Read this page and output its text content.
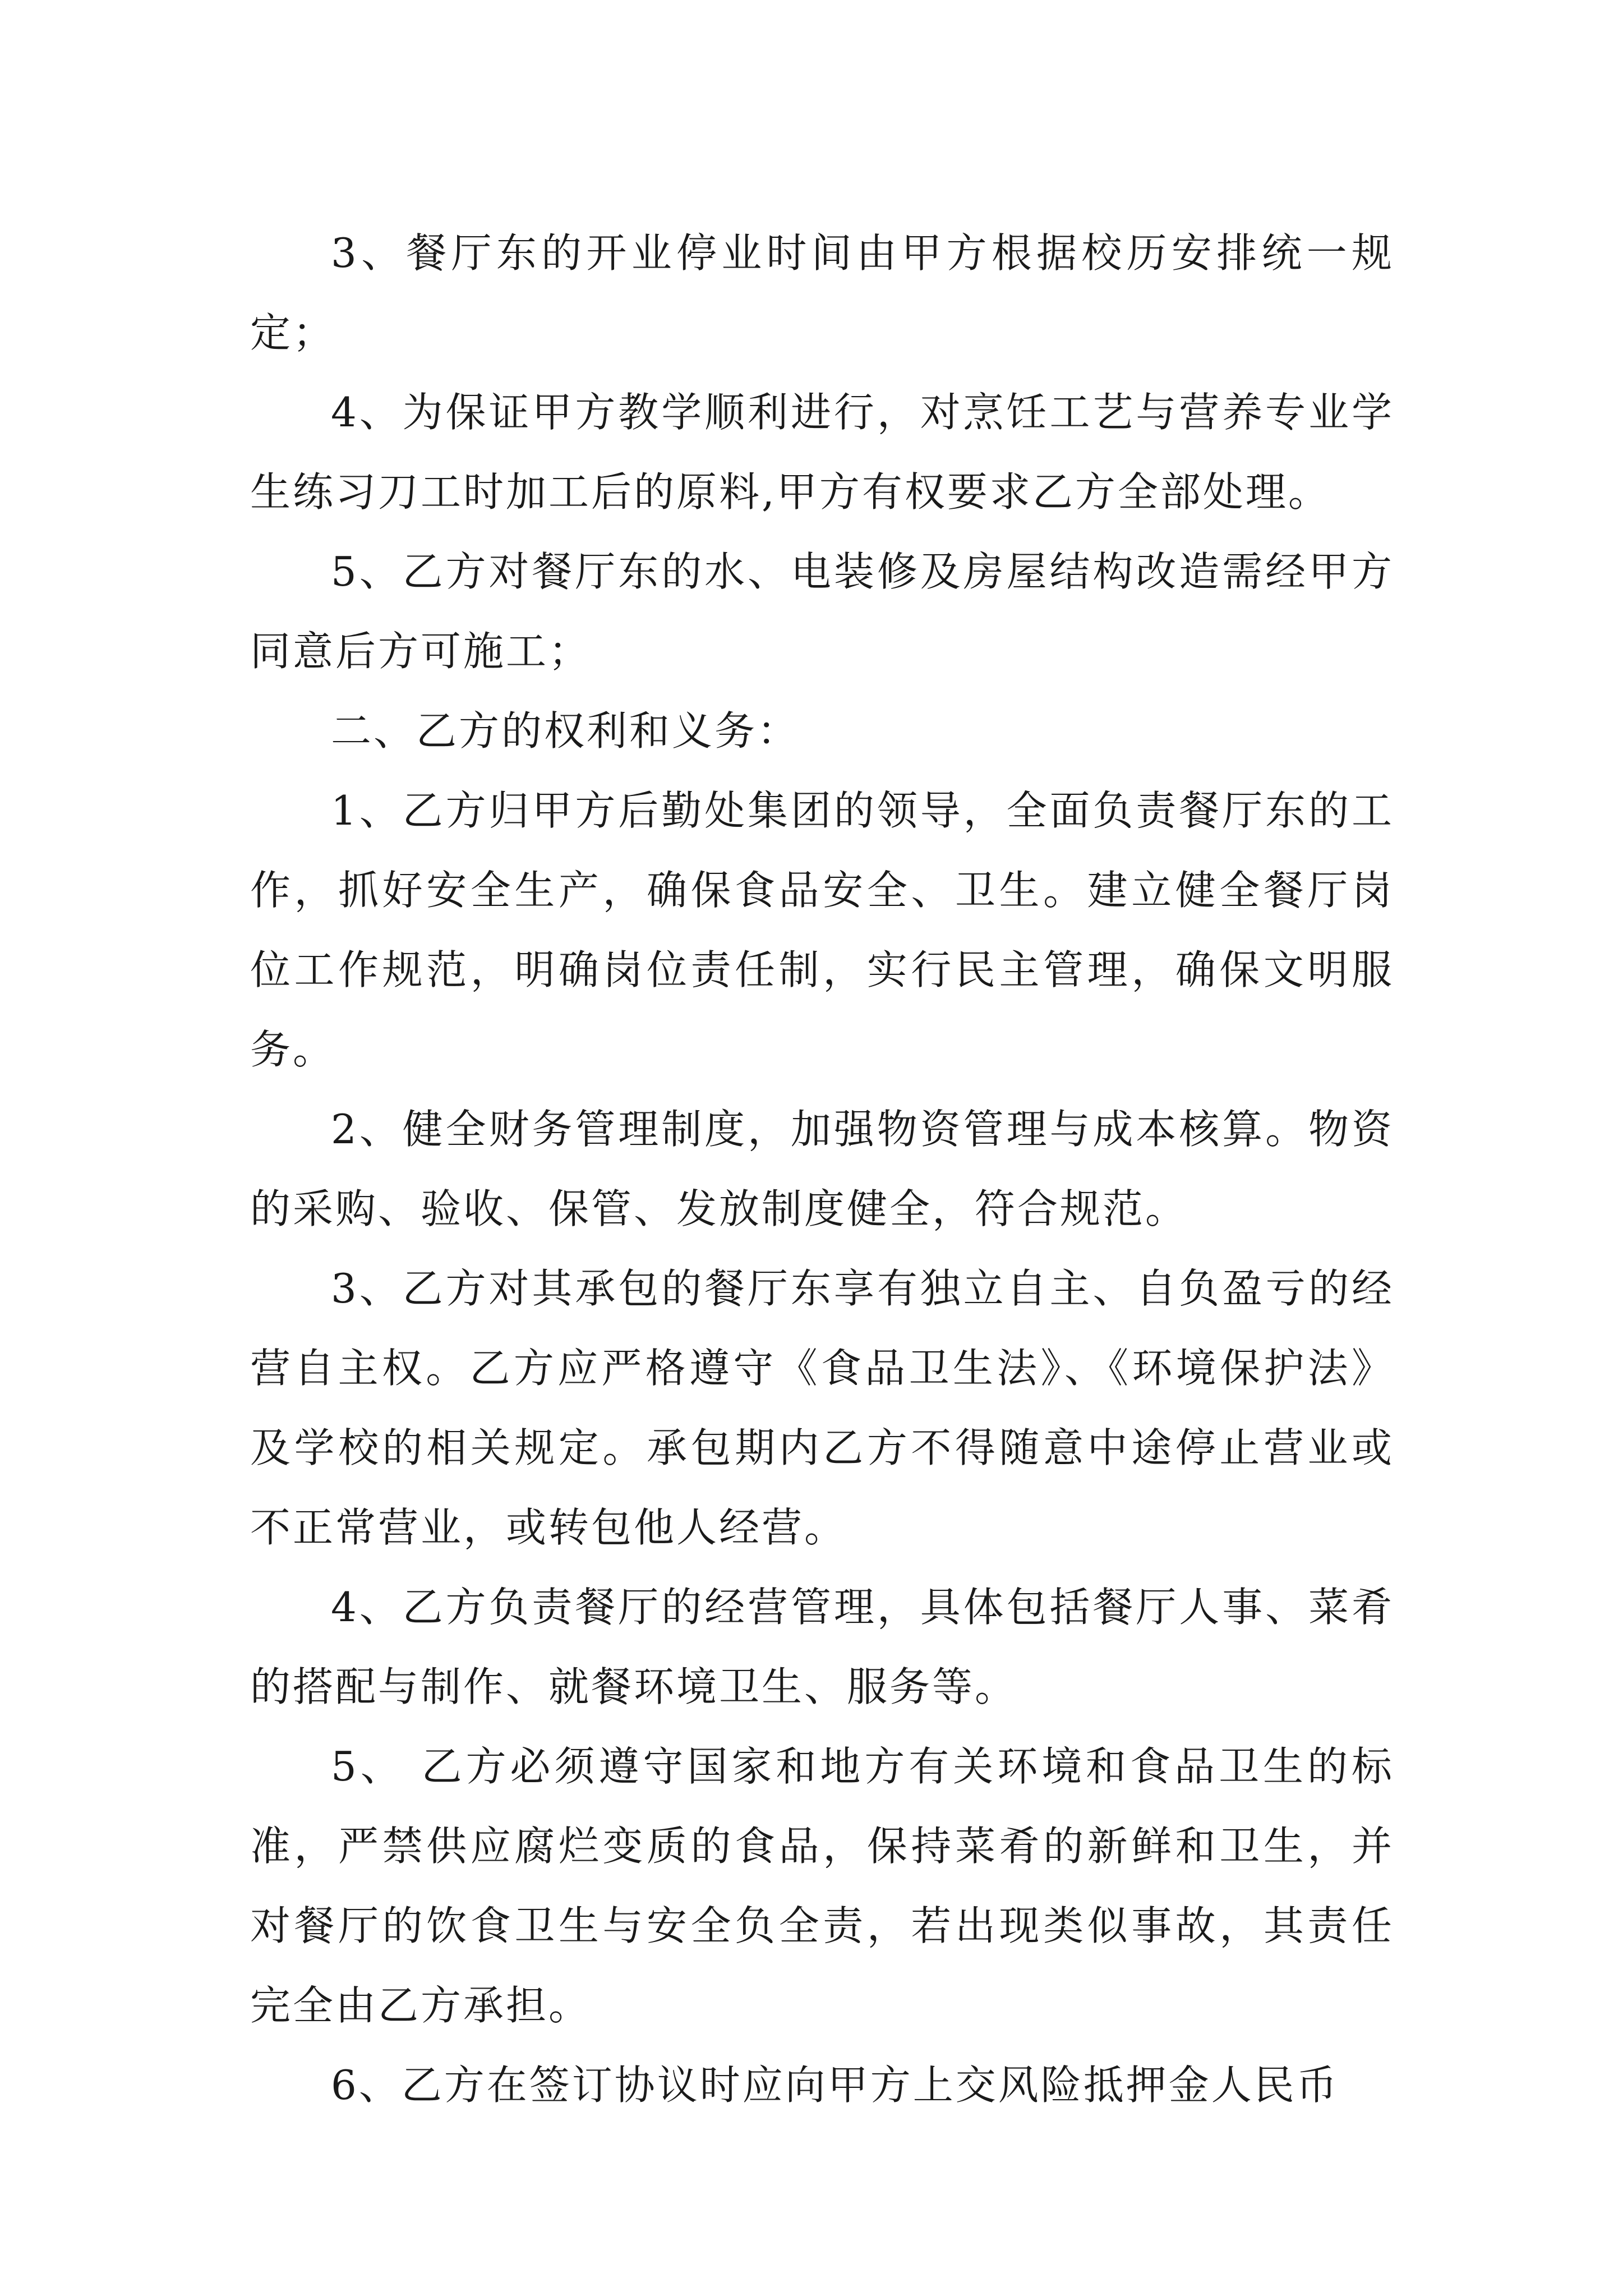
3、餐厅东的开业停业时间由甲方根据校历安排统一规定；

4、为保证甲方教学顺利进行，对烹饪工艺与营养专业学生练习刀工时加工后的原料,甲方有权要求乙方全部处理。

5、乙方对餐厅东的水、电装修及房屋结构改造需经甲方同意后方可施工；

二、乙方的权利和义务：

1、乙方归甲方后勤处集团的领导，全面负责餐厅东的工作，抓好安全生产，确保食品安全、卫生。建立健全餐厅岗位工作规范，明确岗位责任制，实行民主管理，确保文明服务。

2、健全财务管理制度，加强物资管理与成本核算。物资的采购、验收、保管、发放制度健全，符合规范。

3、乙方对其承包的餐厅东享有独立自主、自负盈亏的经营自主权。乙方应严格遵守《食品卫生法》、《环境保护法》及学校的相关规定。承包期内乙方不得随意中途停止营业或不正常营业，或转包他人经营。

4、乙方负责餐厅的经营管理，具体包括餐厅人事、菜肴的搭配与制作、就餐环境卫生、服务等。

5、 乙方必须遵守国家和地方有关环境和食品卫生的标准，严禁供应腐烂变质的食品，保持菜肴的新鲜和卫生，并对餐厅的饮食卫生与安全负全责，若出现类似事故，其责任完全由乙方承担。

6、乙方在签订协议时应向甲方上交风险抵押金人民币
